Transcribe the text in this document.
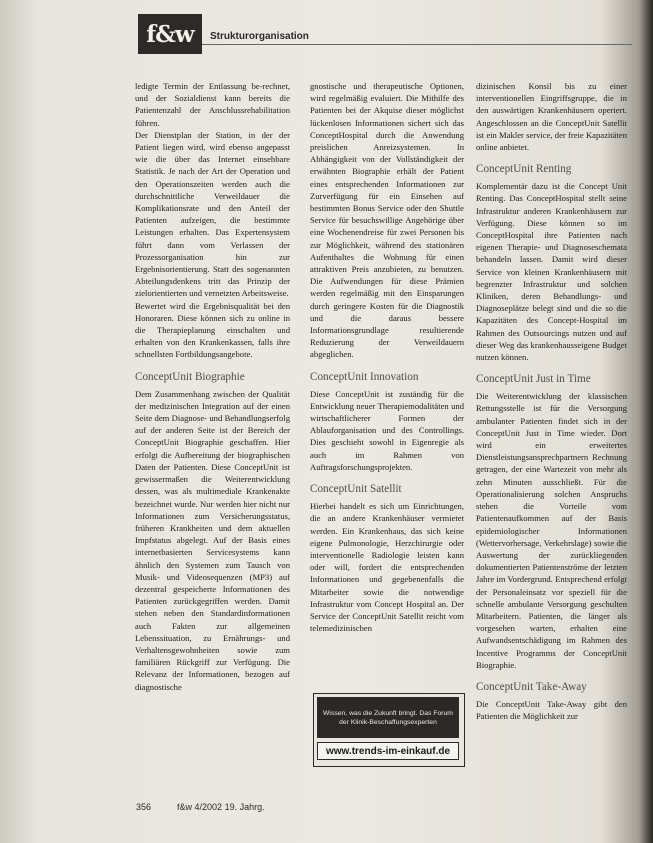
f&w	Strukturorganisation

ledigte Termin der Entlassung be-rechnet, und der Sozialdienst kann bereits die Patientenzahl der Anschlussrehabilitation führen.

Der Dienstplan der Station, in der der Patient liegen wird, wird ebenso angepasst wie die über das Internet einsehbare Statistik. Je nach der Art der Operation und den Operationszeiten werden auch die durchschnittliche Verweildauer die Komplikationsrate und den Anteil der Patienten aufzeigen, die bestimmte Leistungen erhalten. Das Expertensystem führt dann vom Verlassen der Prozessorganisation hin zur Ergebnisorientierung. Statt des sogenannten Abteilungsdenkens tritt das Prinzip der zielorientierten und vernetzten Arbeitsweise.

Bewertet wird die Ergebnisqualität bei den Honoraren. Diese können sich zu online in die Therapieplanung einschalten und erhalten von den Krankenkassen, falls ihre schnellsten Fortbildungsangebote.

ConceptUnit Biographie

Dem Zusammenhang zwischen der Qualität der medizinischen Integration auf der einen Seite dem Diagnose- und Behandlungserfolg auf der anderen Seite ist der Bereich der ConceptUnit Biographie geschaffen. Hier erfolgt die Aufbereitung der biographischen Daten der Patienten. Diese ConceptUnit ist gewissermaßen die Weiterentwicklung dessen, was als multimediale Krankenakte bezeichnet wurde. Nur werden hier nicht nur Informationen zum Versicherungsstatus, früheren Krankheiten und dem aktuellen Impfstatus abgelegt. Auf der Basis eines internetbasierten Servicesystems kann ähnlich den Systemen zum Tausch von Musik- und Videosequenzen (MP3) auf dezentral gespeicherte Informationen des Patienten zurückgegriffen werden. Damit stehen neben den Standardinformationen auch Fakten zur allgemeinen Lebenssituation, zu Ernährungs- und Verhaltensgewohnheiten sowie zum familiären Rückgriff zur Verfügung. Die Relevanz der Informationen, bezogen auf diagnostische

gnostische und therapeutische Optionen, wird regelmäßig evaluiert. Die Mithilfe des Patienten bei der Akquise dieser möglichst lückenlosen Informationen sichert sich das ConceptHospital durch die Anwendung preislichen Anreizsystemen. In Abhängigkeit von der Vollständigkeit der erwähnten Biographie erhält der Patient eines entsprechenden Informationen zur Zurverfügung für ein Einsehen auf bestimmten Bonus Service oder den Shuttle Service für besuchswillige Angehörige über eine Wochenendreise für zwei Personen bis zur Möglichkeit, während des stationären Aufenthaltes die Wohnung für einen attraktiven Preis anzubieten, zu benutzen. Die Aufwendungen für diese Prämien werden regelmäßig mit den Einsparungen durch geringere Kosten für die Diagnostik und die daraus bessere Informationsgrundlage resultierende Reduzierung der Verweildauern abgeglichen.

ConceptUnit Innovation

Diese ConceptUnit ist zuständig für die Entwicklung neuer Therapiemodalitäten und wirtschaftlicherer Formen der Ablauforganisation und des Controllings. Dies geschieht sowohl in Eigenregie als auch im Rahmen von Auftragsforschungsprojekten.

ConceptUnit Satellit

Hierbei handelt es sich um Einrichtungen, die an andere Krankenhäuser vermietet werden. Ein Krankenhaus, das sich keine eigene Pulmonologie, Herzchirurgie oder interventionelle Radiologie leisten kann oder will, fordert die entsprechenden Informationen und gegebenenfalls die Mitarbeiter sowie die notwendige Infrastruktur vom Concept Hospital an. Der Service der ConceptUnit Satellit reicht vom telemedizinischen

dizinischen Konsil bis zu einer interventionellen Eingriffsgruppe, die in den auswärtigen Krankenhäusern operiert. Angeschlossen an die ConceptUnit Satellit ist ein Makler service, der freie Kapazitäten online anbietet.

ConceptUnit Renting

Komplementär dazu ist die Concept Unit Renting. Das ConceptHospital stellt seine Infrastruktur anderen Krankenhäusern zur Verfügung. Diese können so im ConceptHospital ihre Patienten nach eigenen Therapie- und Diagnoseschemata behandeln lassen. Damit wird dieser Service von kleinen Krankenhäusern mit begrenzter Infrastruktur und solchen Kliniken, deren Behandlungs- und Diagnoseplätze belegt sind und die so die Kapazitäten des Concept-Hospital im Rahmen des Outsourcings nutzen und auf dieser Weg das krankenhausseigene Budget nutzen können.

ConceptUnit Just in Time

Die Weiterentwicklung der klassischen Rettungsstelle ist für die Versorgung ambulanter Patienten findet sich in der ConceptUnit Just in Time wieder. Dort wird ein erweitertes Dienstleistungsansprechpartnern Rechnung getragen, der eine Wartezeit von mehr als zehn Minuten ausschließt. Für die Operationalisierung solchen Anspruchs stehen die Vorteile vom Patientenaufkommen auf der Basis epidemiologischer Informationen (Wettervorhersage, Verkehrslage) sowie die Auswertung der zurückliegenden dokumentierten Patientenströme der letzten Jahre im Vordergrund. Entsprechend erfolgt der Personaleinsatz vor speziell für die schnelle ambulante Versorgung geschulten Mitarbeitern. Patienten, die länger als vorgesehen warten, erhalten eine Aufwandsentschädigung im Rahmen des Incentive Programms der ConceptUnit Biographie.

ConceptUnit Take-Away

Die ConceptUnit Take-Away gibt den Patienten die Möglichkeit zur

Wissen, was die Zukunft bringt. Das Forum der Klinik-Beschaffungsexperten
www.trends-im-einkauf.de
356	f&w 4/2002 19. Jahrg.
